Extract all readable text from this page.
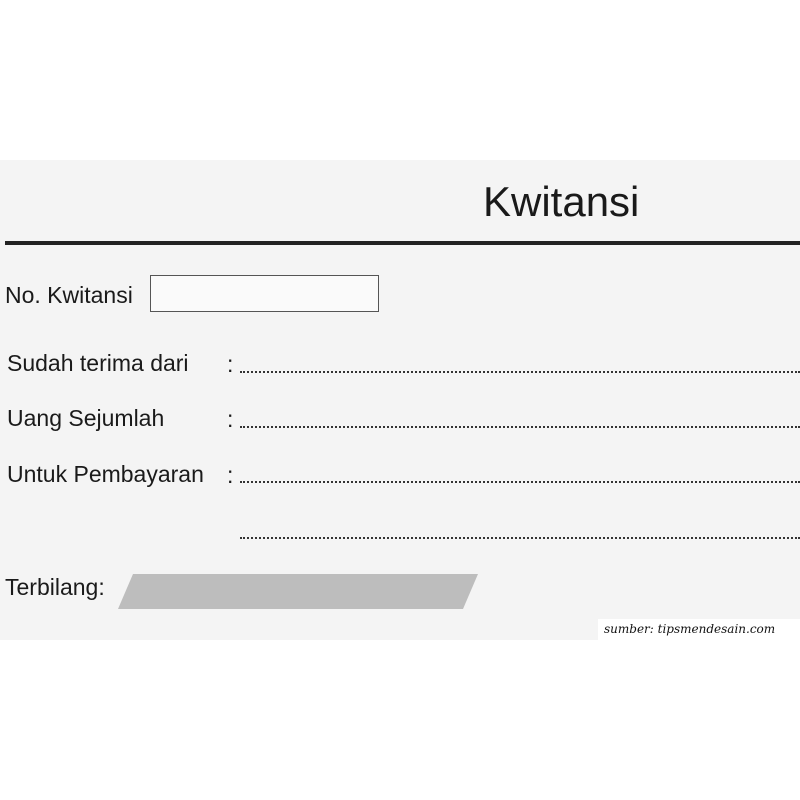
Kwitansi
No. Kwitansi
Sudah terima dari :
Uang Sejumlah	:
Untuk Pembayaran :
Terbilang:
sumber: tipsmendesain.com
